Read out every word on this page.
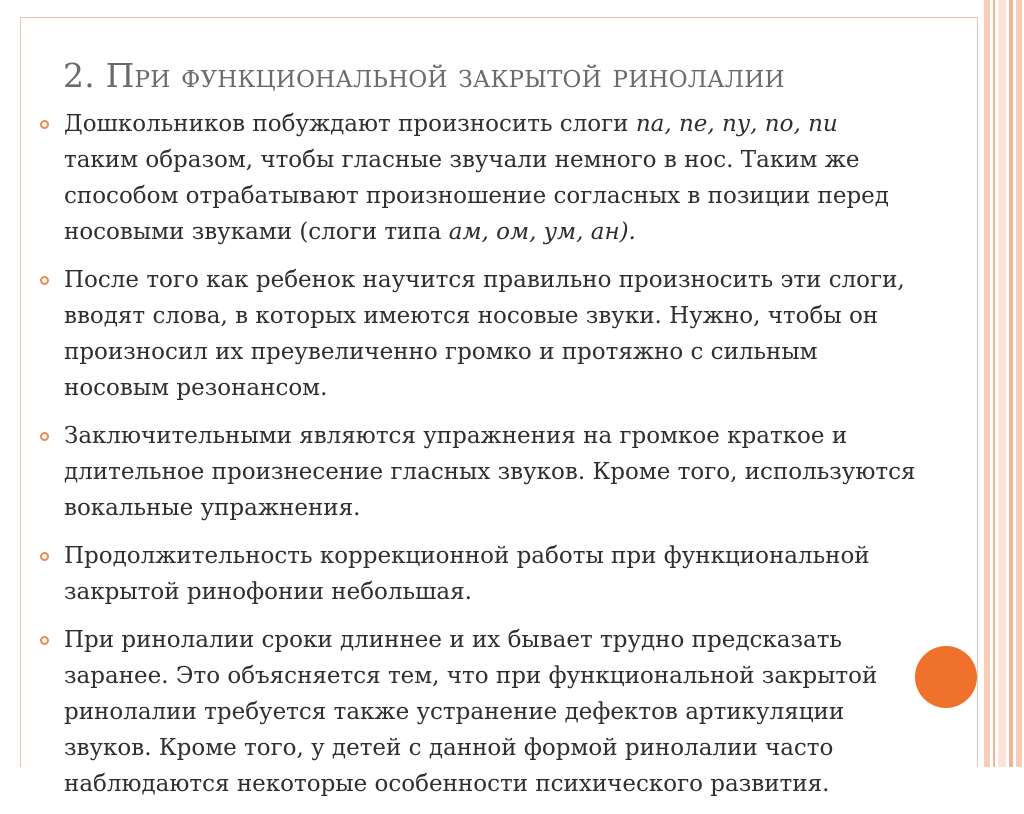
2. При функциональной закрытой ринолалии
Дошкольников побуждают произносить слоги па, пе, пу, по, пи
таким образом, чтобы гласные звучали немного в нос. Таким же
способом отрабатывают произношение согласных в позиции перед
носовыми звуками (слоги типа ам, ом, ум, ан).
После того как ребенок научится правильно произносить эти слоги,
вводят слова, в которых имеются носовые звуки. Нужно, чтобы он
произносил их преувеличенно громко и протяжно с сильным
носовым резонансом.
Заключительными являются упражнения на громкое краткое и
длительное произнесение гласных звуков. Кроме того, используются
вокальные упражнения.
Продолжительность коррекционной работы при функциональной
закрытой ринофонии небольшая.
При ринолалии сроки длиннее и их бывает трудно предсказать
заранее. Это объясняется тем, что при функциональной закрытой
ринолалии требуется также устранение дефектов артикуляции
звуков. Кроме того, у детей с данной формой ринолалии часто
наблюдаются некоторые особенности психического развития.
